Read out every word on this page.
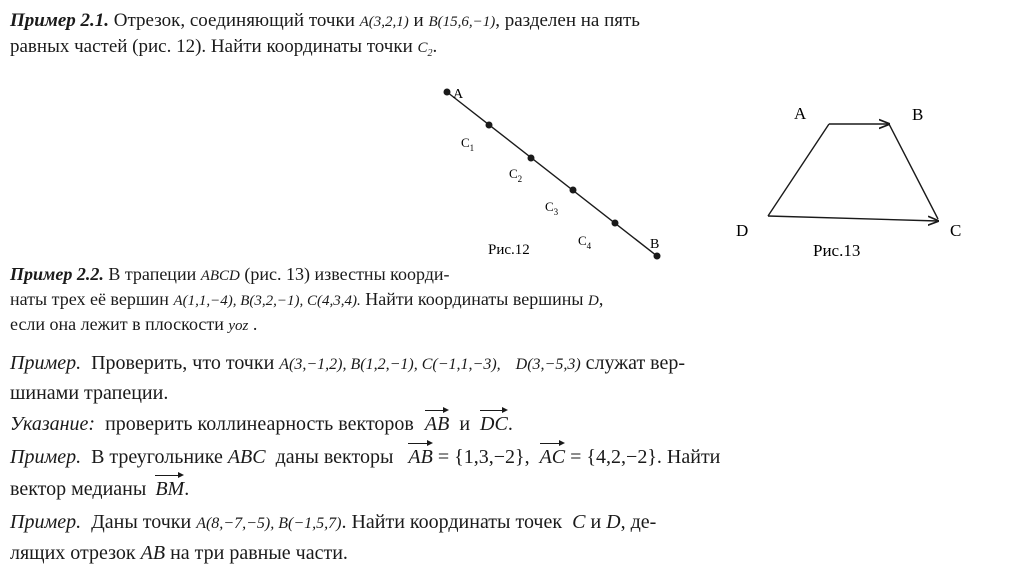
Пример 2.1. Отрезок, соединяющий точки A(3,2,1) и B(15,6,−1), разделен на пять
равных частей (рис. 12). Найти координаты точки $C_2$.
A
B
$C_1$
$C_2$
$C_3$
$C_4$
Рис.12
A	B
D	C
Рис.13
Пример 2.2. В трапеции ABCD (рис. 13) известны коорди-
наты трех её вершин A(1,1,−4), B(3,2,−1), C(4,3,4). Найти координаты вершины D,
если она лежит в плоскости yoz .
Пример. Проверить, что точки A(3,−1,2), B(1,2,−1), C(−1,1,−3), D(3,−5,3) служат вер-
шинами трапеции.
Указание: проверить коллинеарность векторов AB и DC.
Пример. В треугольнике ABC даны векторы AB = {1,3,−2}, AC = {4,2,−2}. Найти
вектор медианы BM.
Пример. Даны точки A(8,−7,−5), B(−1,5,7). Найти координаты точек C и D, де-
лящих отрезок AB на три равные части.
